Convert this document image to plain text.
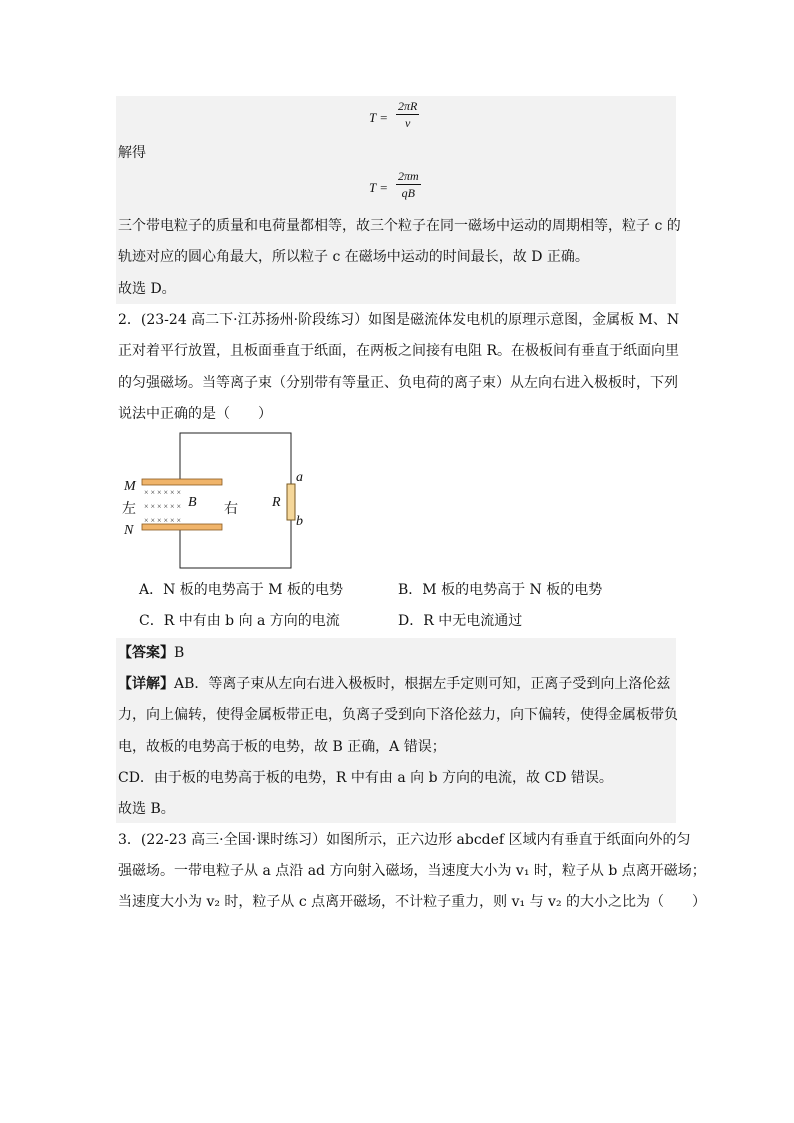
$T = \frac{2\pi R}{v}$
解得
$T = \frac{2\pi m}{qB}$
三个带电粒子的质量和电荷量都相等，故三个粒子在同一磁场中运动的周期相等，粒子 c 的
轨迹对应的圆心角最大，所以粒子 c 在磁场中运动的时间最长，故 D 正确。
故选 D。
2．(23-24 高二下·江苏扬州·阶段练习）如图是磁流体发电机的原理示意图，金属板 M、N
正对着平行放置，且板面垂直于纸面，在两板之间接有电阻 R。在极板间有垂直于纸面向里
的匀强磁场。当等离子束（分别带有等量正、负电荷的离子束）从左向右进入极板时，下列
说法中正确的是（　　）
× × × × × ×
× × × × × ×
× × × × × ×
M
N
左	右
B	R
a
b
A．N 板的电势高于 M 板的电势	B．M 板的电势高于 N 板的电势
C．R 中有由 b 向 a 方向的电流	D．R 中无电流通过
【答案】B
【详解】AB．等离子束从左向右进入极板时，根据左手定则可知，正离子受到向上洛伦兹
力，向上偏转，使得金属板带正电，负离子受到向下洛伦兹力，向下偏转，使得金属板带负
电，故板的电势高于板的电势，故 B 正确，A 错误；
CD．由于板的电势高于板的电势，R 中有由 a 向 b 方向的电流，故 CD 错误。
故选 B。
3．(22-23 高三·全国·课时练习）如图所示，正六边形 abcdef 区域内有垂直于纸面向外的匀
强磁场。一带电粒子从 a 点沿 ad 方向射入磁场，当速度大小为 v₁ 时，粒子从 b 点离开磁场；
当速度大小为 v₂ 时，粒子从 c 点离开磁场，不计粒子重力，则 v₁ 与 v₂ 的大小之比为（　　）
